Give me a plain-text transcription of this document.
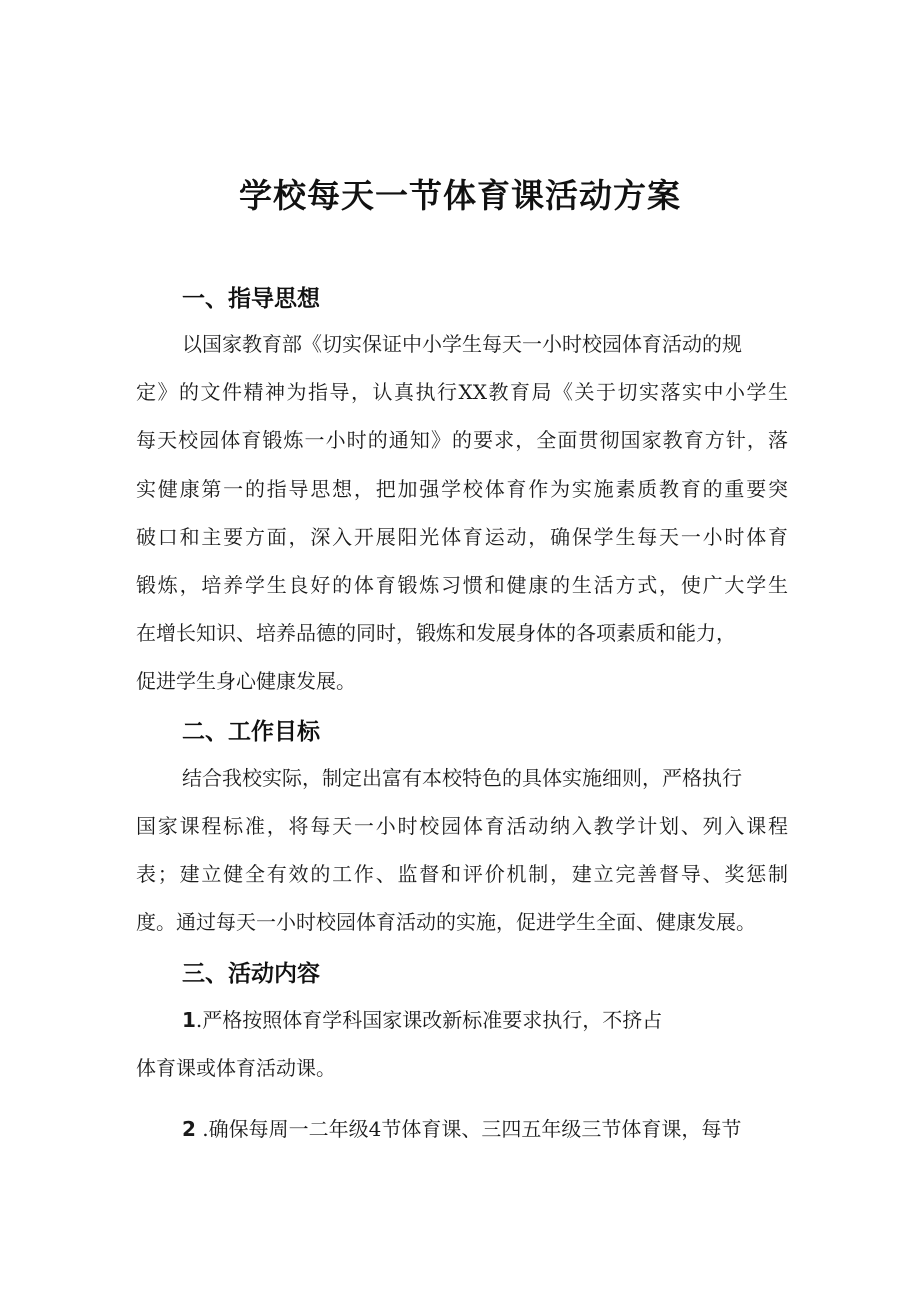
学校每天一节体育课活动方案
一、指导思想

以国家教育部《切实保证中小学生每天一小时校园体育活动的规

定》的文件精神为指导，认真执行XX教育局《关于切实落实中小学生

每天校园体育锻炼一小时的通知》的要求，全面贯彻国家教育方针，落

实健康第一的指导思想，把加强学校体育作为实施素质教育的重要突

破口和主要方面，深入开展阳光体育运动，确保学生每天一小时体育

锻炼，培养学生良好的体育锻炼习惯和健康的生活方式，使广大学生

在增长知识、培养品德的同时，锻炼和发展身体的各项素质和能力，

促进学生身心健康发展。

二、工作目标

结合我校实际，制定出富有本校特色的具体实施细则，严格执行

国家课程标准，将每天一小时校园体育活动纳入教学计划、列入课程

表；建立健全有效的工作、监督和评价机制，建立完善督导、奖惩制

度。通过每天一小时校园体育活动的实施，促进学生全面、健康发展。

三、活动内容

1.严格按照体育学科国家课改新标准要求执行，不挤占

体育课或体育活动课。

2 .确保每周一二年级4节体育课、三四五年级三节体育课，每节
